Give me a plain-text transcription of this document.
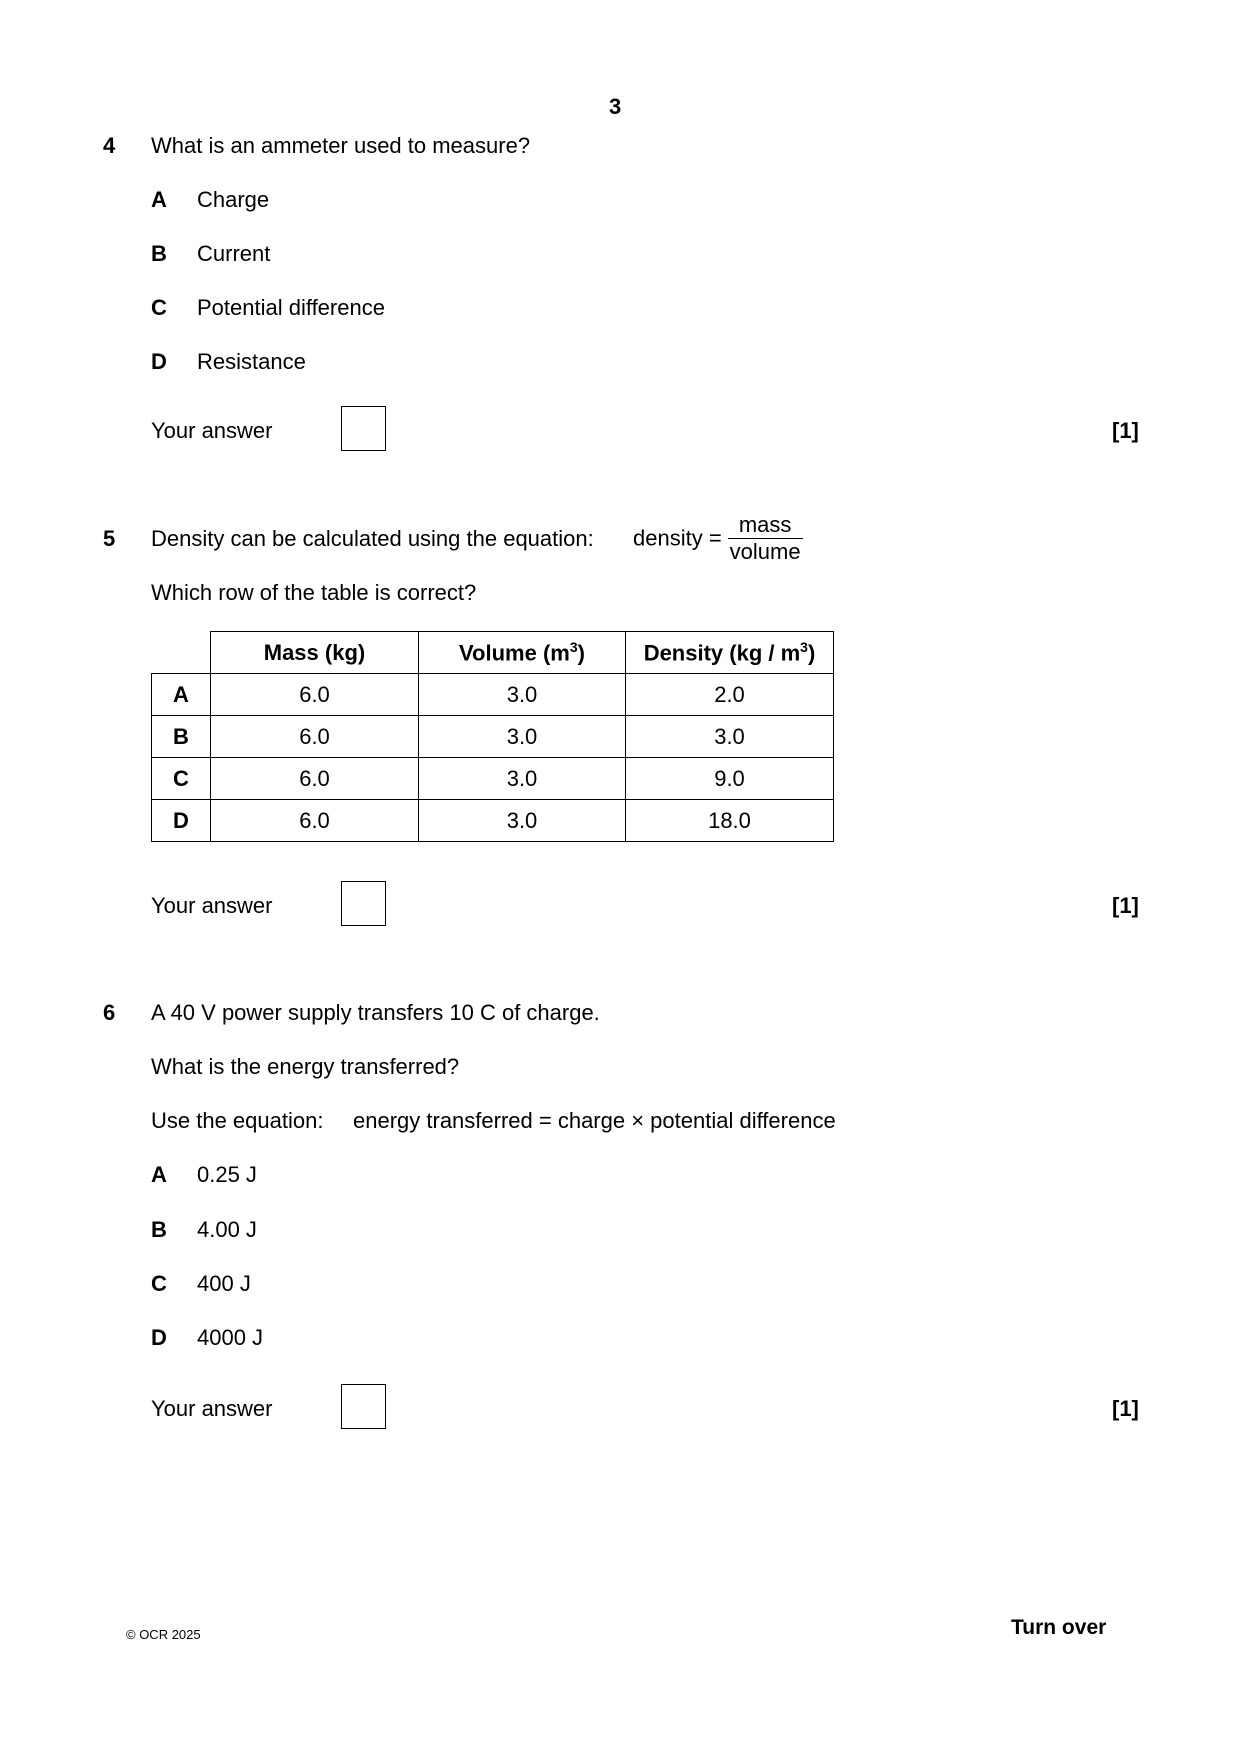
3
4 What is an ammeter used to measure?
A Charge
B Current
C Potential difference
D Resistance
Your answer	[1]
5 Density can be calculated using the equation: density = $\frac{\text{mass}}{\text{volume}}$
Which row of the table is correct?
	Mass (kg)	Volume $(m^3)$	Density $(kg / m^3)$
A	6.0	3.0	2.0
B	6.0	3.0	3.0
C	6.0	3.0	9.0
D	6.0	3.0	18.0
Your answer	[1]
6 A 40 V power supply transfers 10 C of charge.
What is the energy transferred?
Use the equation: energy transferred = charge × potential difference
A 0.25 J
B 4.00 J
C 400 J
D 4000 J
Your answer	[1]
© OCR 2025	Turn over
